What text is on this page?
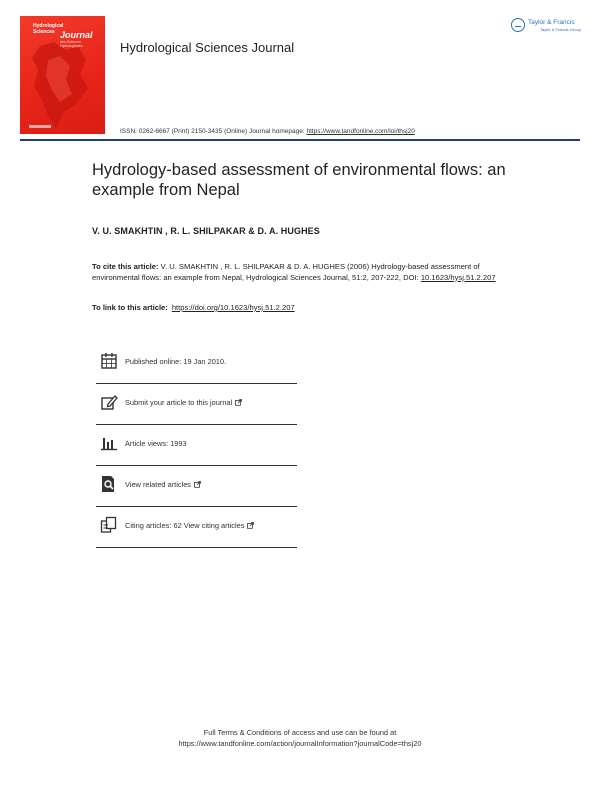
Hydrological
Sciences Journal
des Sciences
Hydrologiques	Hydrological Sciences Journal
Taylor & Francis
Taylor & Francis Group
ISSN: 0262-6667 (Print) 2150-3435 (Online) Journal homepage: https://www.tandfonline.com/loi/thsj20
Hydrology-based assessment of environmental flows: an example from Nepal
V. U. SMAKHTIN , R. L. SHILPAKAR & D. A. HUGHES
To cite this article: V. U. SMAKHTIN , R. L. SHILPAKAR & D. A. HUGHES (2006) Hydrology-based assessment of environmental flows: an example from Nepal, Hydrological Sciences Journal, 51:2, 207-222, DOI: 10.1623/hysj.51.2.207
To link to this article: https://doi.org/10.1623/hysj.51.2.207
Published online: 19 Jan 2010.
Submit your article to this journal
Article views: 1993
View related articles
Citing articles: 62 View citing articles
Full Terms & Conditions of access and use can be found at
https://www.tandfonline.com/action/journalInformation?journalCode=thsj20
